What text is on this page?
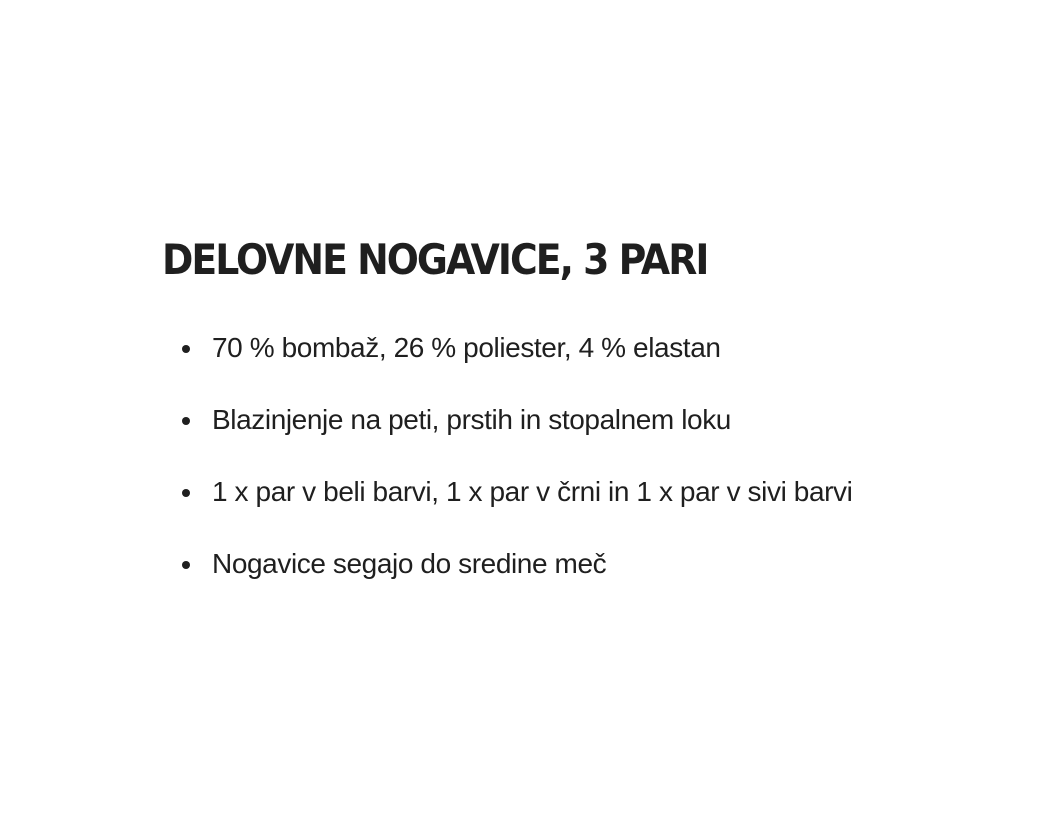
DELOVNE NOGAVICE, 3 PARI
70 % bombaž, 26 % poliester, 4 % elastan
Blazinjenje na peti, prstih in stopalnem loku
1 x par v beli barvi, 1 x par v črni in 1 x par v sivi barvi
Nogavice segajo do sredine meč
